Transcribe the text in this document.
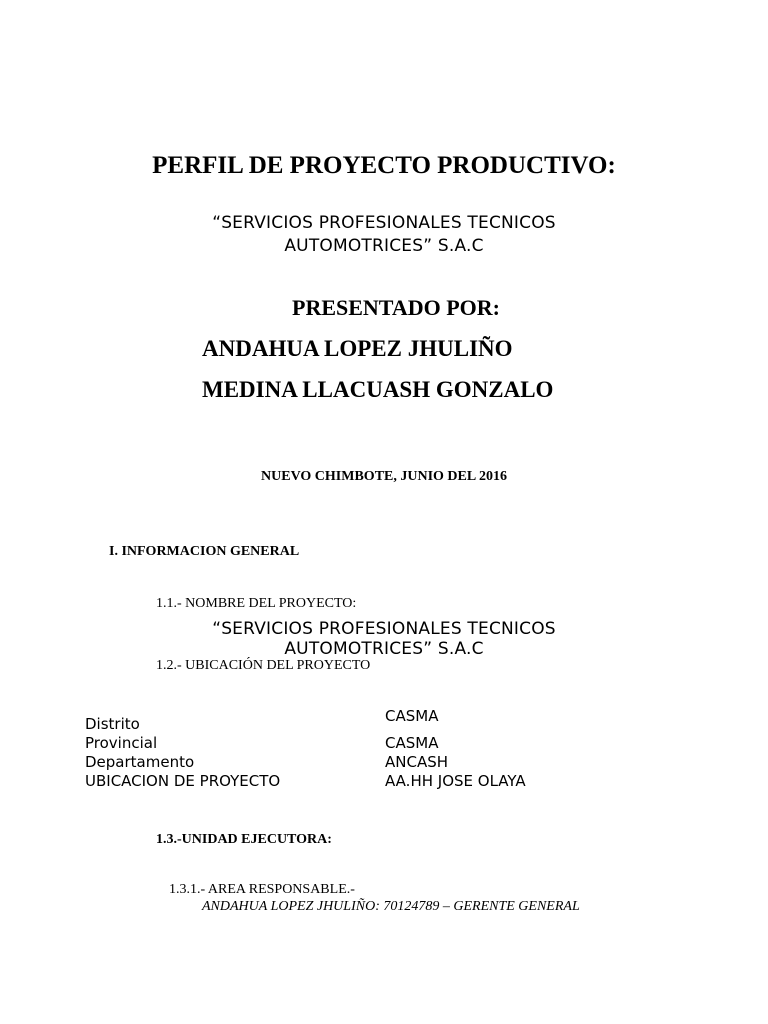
PERFIL DE PROYECTO PRODUCTIVO:
“SERVICIOS PROFESIONALES TECNICOS
AUTOMOTRICES” S.A.C
PRESENTADO POR:
ANDAHUA LOPEZ JHULIÑO
MEDINA LLACUASH GONZALO
NUEVO CHIMBOTE, JUNIO DEL 2016
I. INFORMACION GENERAL
1.1.- NOMBRE DEL PROYECTO:
“SERVICIOS PROFESIONALES TECNICOS
AUTOMOTRICES” S.A.C
1.2.- UBICACIÓN DEL PROYECTO
Distrito	CASMA
Provincial	CASMA
Departamento	ANCASH
UBICACION DE PROYECTO	AA.HH JOSE OLAYA
1.3.-UNIDAD EJECUTORA:
1.3.1.- AREA RESPONSABLE.-
ANDAHUA LOPEZ JHULIÑO: 70124789 – GERENTE GENERAL
